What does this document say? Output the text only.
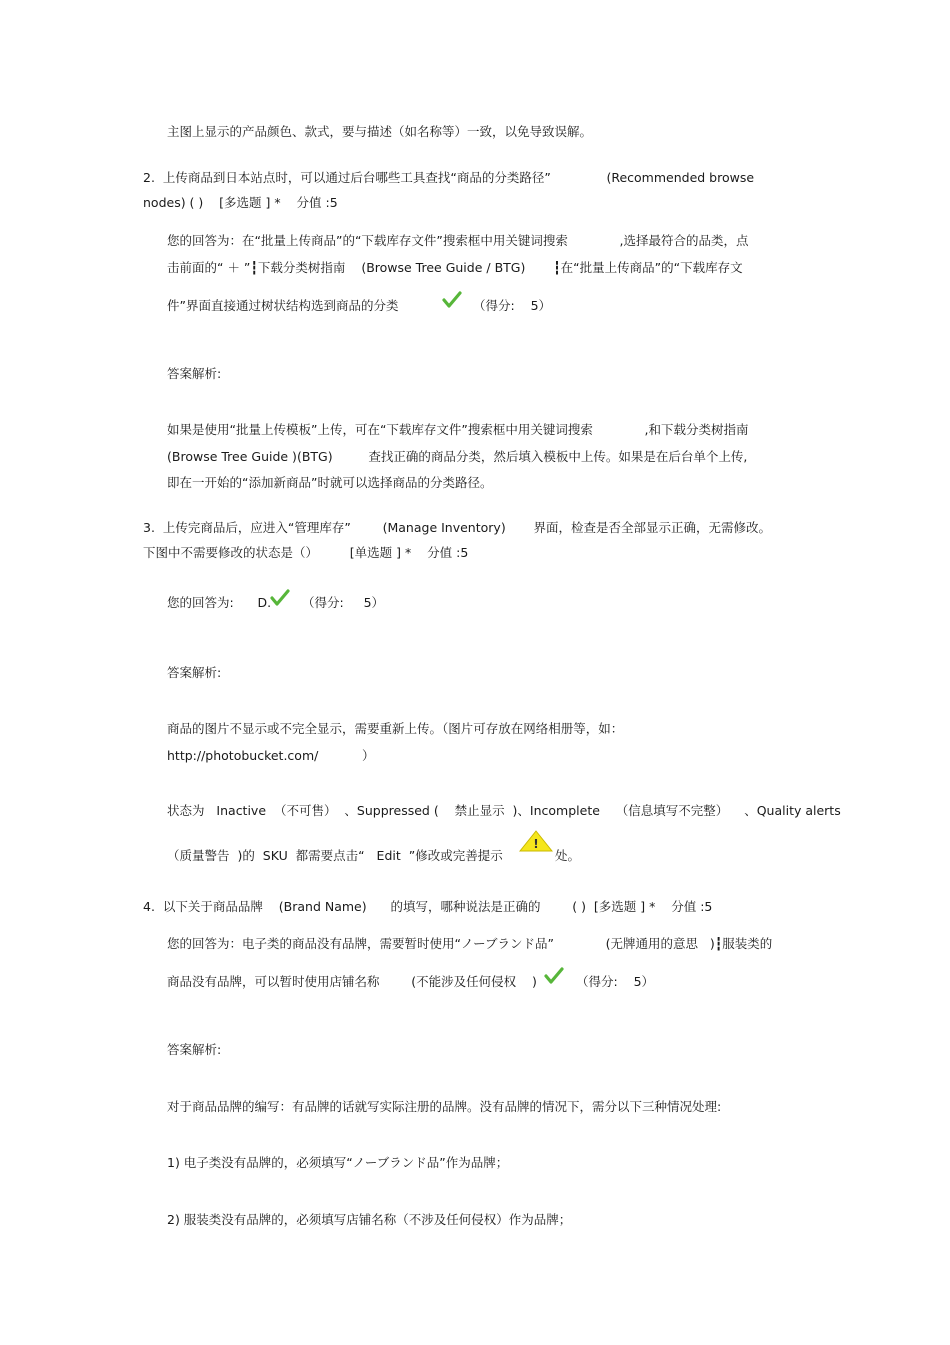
主图上显示的产品颜色、款式，要与描述（如名称等）一致，以免导致误解。
2.  上传商品到日本站点时，可以通过后台哪些工具查找“商品的分类路径”              (Recommended browse
nodes) ( )    [多选题 ] *    分值 :5
您的回答为：在“批量上传商品”的“下载库存文件”搜索框中用关键词搜索             ,选择最符合的品类，点
击前面的“ ＋ ”┇下载分类树指南    (Browse Tree Guide / BTG)       ┇在“批量上传商品”的“下载库存文
件”界面直接通过树状结构选到商品的分类	（得分:    5）
答案解析:
如果是使用“批量上传模板”上传，可在“下载库存文件”搜索框中用关键词搜索             ,和下载分类树指南
(Browse Tree Guide )(BTG)         查找正确的商品分类，然后填入模板中上传。如果是在后台单个上传,
即在一开始的“添加新商品”时就可以选择商品的分类路径。
3.  上传完商品后，应进入“管理库存”        (Manage Inventory)       界面，检查是否全部显示正确，无需修改。
下图中不需要修改的状态是（）        [单选题 ] *    分值 :5
您的回答为:      D. （得分:     5）
答案解析:
商品的图片不显示或不完全显示，需要重新上传。（图片可存放在网络相册等，如：
http://photobucket.com/           ）
状态为   Inactive  （不可售）  、Suppressed (    禁止显示  )、Incomplete    （信息填写不完整）    、Quality alerts
（质量警告  )的  SKU  都需要点击“   Edit  ”修改或完善提示
!
处。
4.  以下关于商品品牌    (Brand Name)      的填写，哪种说法是正确的        ( )  [多选题 ] *    分值 :5
您的回答为：电子类的商品没有品牌，需要暂时使用“ノーブランド品”             (无牌通用的意思   )┇服装类的
商品没有品牌，可以暂时使用店铺名称        (不能涉及任何侵权    )	（得分:    5）
答案解析:
对于商品品牌的编写：有品牌的话就写实际注册的品牌。没有品牌的情况下，需分以下三种情况处理:
1) 电子类没有品牌的，必须填写“ノーブランド品”作为品牌；
2) 服装类没有品牌的，必须填写店铺名称（不涉及任何侵权）作为品牌；
